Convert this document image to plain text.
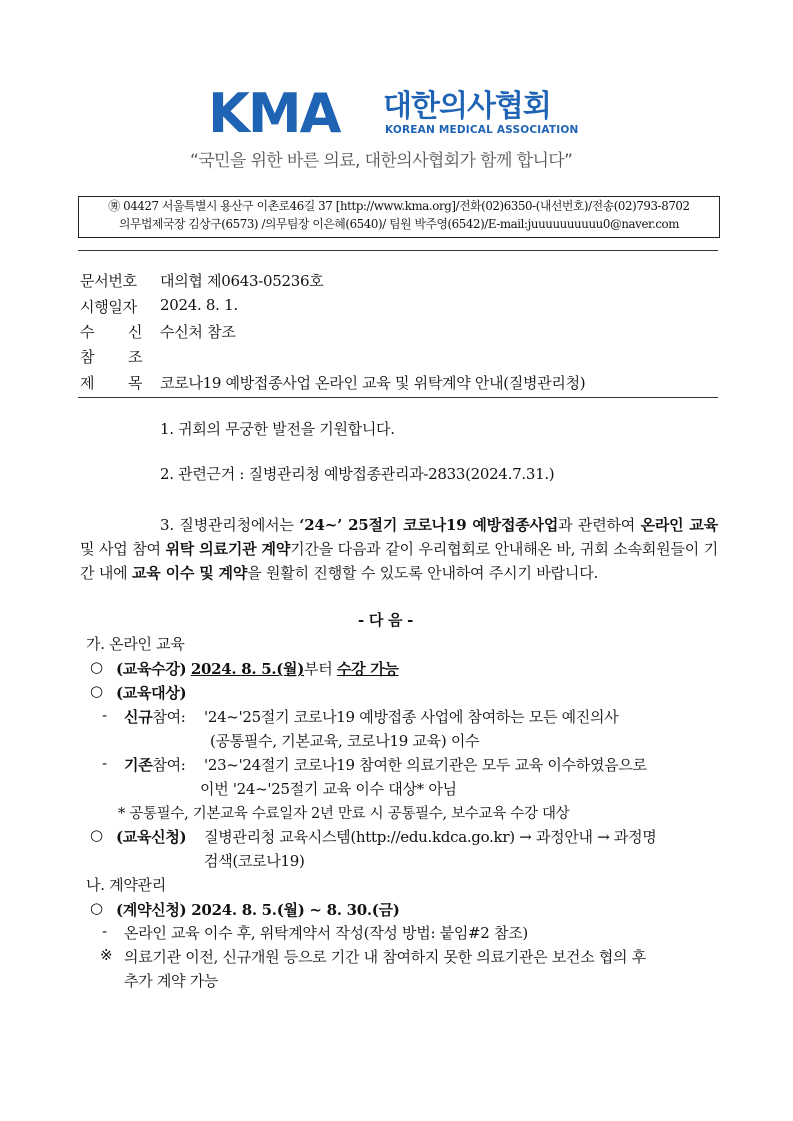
KMA 대한의사협회
KOREAN MEDICAL ASSOCIATION
“국민을 위한 바른 의료, 대한의사협회가 함께 합니다”
㊚ 04427 서울특별시 용산구 이촌로46길 37 [http://www.kma.org]/전화(02)6350-(내선번호)/전송(02)793-8702
의무법제국장 김상구(6573) /의무팀장 이은혜(6540)/ 팀원 박주영(6542)/E-mail:juuuuuuuuuu0@naver.com
문서번호 대의협 제0643-05236호
시행일자 2024. 8. 1.
수 신 수신처 참조
참 조
제 목 코로나19 예방접종사업 온라인 교육 및 위탁계약 안내(질병관리청)
1. 귀회의 무궁한 발전을 기원합니다.
2. 관련근거 : 질병관리청 예방접종관리과-2833(2024.7.31.)
3. 질병관리청에서는 ‘24~’ 25절기 코로나19 예방접종사업과 관련하여 온라인 교육 및 사업 참여 위탁 의료기관 계약기간을 다음과 같이 우리협회로 안내해온 바, 귀회 소속회원들이 기간 내에 교육 이수 및 계약을 원활히 진행할 수 있도록 안내하여 주시기 바랍니다.
- 다 음 -
가. 온라인 교육
○ (교육수강) 2024. 8. 5.(월)부터 수강 가능
○ (교육대상)
- 신규참여: '24~'25절기 코로나19 예방접종 사업에 참여하는 모든 예진의사
(공통필수, 기본교육, 코로나19 교육) 이수
- 기존참여: '23~'24절기 코로나19 참여한 의료기관은 모두 교육 이수하였음으로
이번 '24~'25절기 교육 이수 대상* 아님
* 공통필수, 기본교육 수료일자 2년 만료 시 공통필수, 보수교육 수강 대상
○ (교육신청) 질병관리청 교육시스템(http://edu.kdca.go.kr) → 과정안내 → 과정명
검색(코로나19)
나. 계약관리
○ (계약신청) 2024. 8. 5.(월) ~ 8. 30.(금)
- 온라인 교육 이수 후, 위탁계약서 작성(작성 방법: 붙임#2 참조)
※ 의료기관 이전, 신규개원 등으로 기간 내 참여하지 못한 의료기관은 보건소 협의 후
추가 계약 가능
